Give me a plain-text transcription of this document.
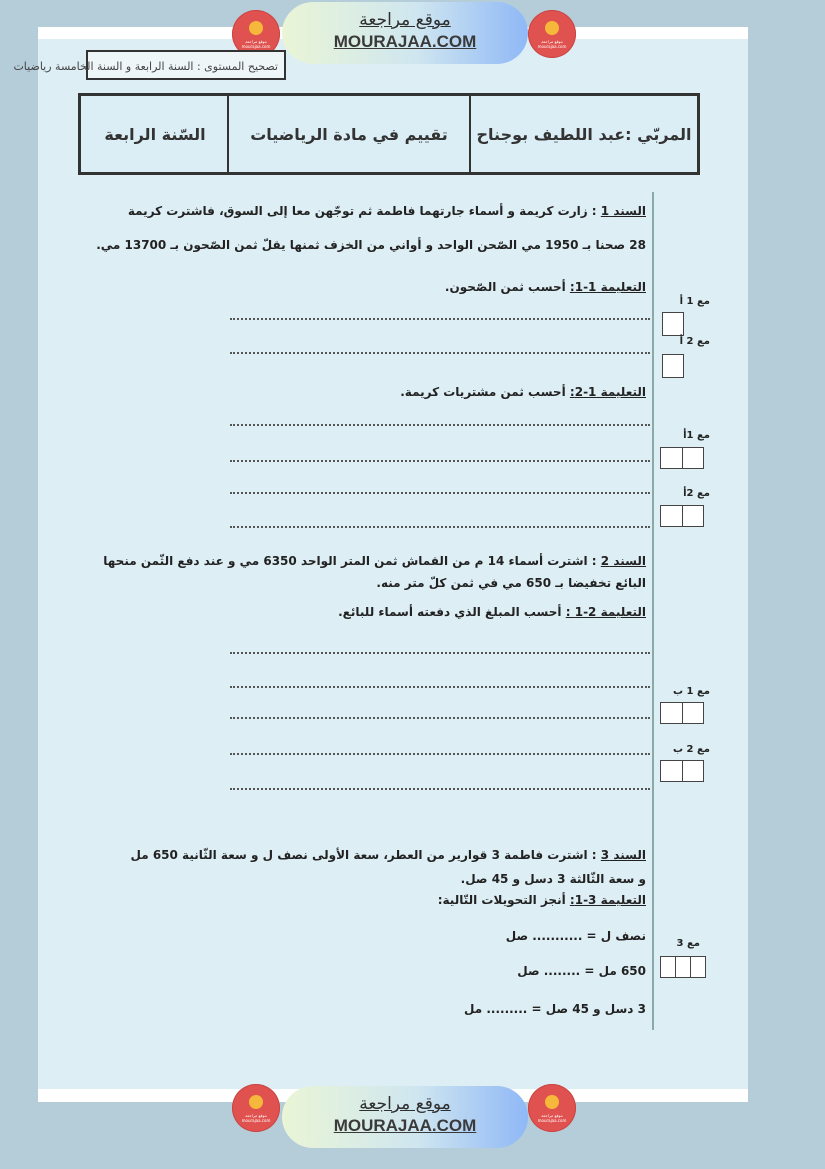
موقع مراجعة mourajaa.com
موقع مراجعة
MOURAJAA.COM	موقع مراجعة mourajaa.com
تصحيح المستوى : السنة الرابعة و السنة الخامسة رياضيات
المربّي :عبد اللطيف بوجناح
تقييم في مادة الرياضيات
السّنة الرابعة
السند 1 : زارت كريمة و أسماء جارتهما فاطمة ثم توجّهن معا إلى السوق، فاشترت كريمة
28 صحنا بـ 1950 مي الصّحن الواحد و أواني من الخزف ثمنها يقلّ ثمن الصّحون بـ 13700 مي.
التعليمة 1-1: أحسب ثمن الصّحون.
التعليمة 1-2: أحسب ثمن مشتريات كريمة.
السند 2 : اشترت أسماء 14 م من القماش ثمن المتر الواحد 6350 مي و عند دفع الثّمن منحها
البائع تخفيضا بـ 650 مي في ثمن كلّ متر منه.
التعليمة 2-1 : أحسب المبلغ الذي دفعته أسماء للبائع.
السند 3 : اشترت فاطمة 3 قوارير من العطر، سعة الأولى نصف ل و سعة الثّانية 650 مل
و سعة الثّالثة 3 دسل و 45 صل.
التعليمة 3-1: أنجز التحويلات التّالية:
نصف ل = ........... صل
650 مل = ........ صل
3 دسل و 45 صل = ......... مل
مع 1 أ
مع 2 أ
مع 1أ
مع 2أ
مع 1 ب
مع 2 ب
مع 3
موقع مراجعة mourajaa.com
موقع مراجعة
MOURAJAA.COM
موقع مراجعة mourajaa.com
